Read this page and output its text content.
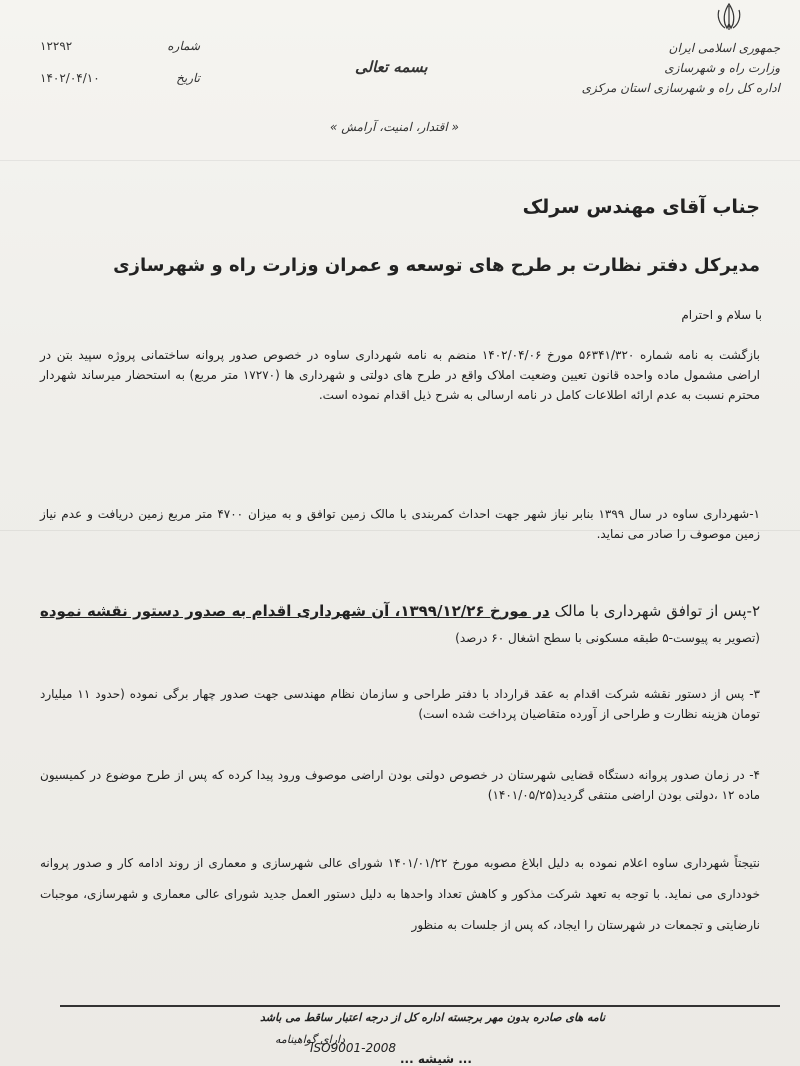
جمهوری اسلامی ایران
وزارت راه و شهرسازی
اداره کل راه و شهرسازی استان مرکزی
بسمه تعالی
« اقتدار، امنیت، آرامش »
شماره
۱۲۲۹۲
تاریخ
۱۴۰۲/۰۴/۱۰
جناب آقای مهندس سرلک
مدیرکل دفتر نظارت بر طرح های توسعه و عمران وزارت راه و شهرسازی
با سلام و احترام
بازگشت به نامه شماره ۵۶۳۴۱/۳۲۰ مورخ ۱۴۰۲/۰۴/۰۶ منضم به نامه شهرداری ساوه در خصوص صدور پروانه ساختمانی پروژه سپید بتن در اراضی مشمول ماده واحده قانون تعیین وضعیت املاک واقع در طرح های دولتی و شهرداری ها (۱۷۲۷۰ متر مربع) به استحضار میرساند شهردار محترم نسبت به عدم ارائه اطلاعات کامل در نامه ارسالی به شرح ذیل اقدام نموده است.
۱-شهرداری ساوه در سال ۱۳۹۹ بنابر نیاز شهر جهت احداث کمربندی با مالک زمین توافق و به میزان ۴۷۰۰ متر مربع زمین دریافت و عدم نیاز زمین موصوف را صادر می نماید.
۲-پس از توافق شهرداری با مالک در مورخ ۱۳۹۹/۱۲/۲۶، آن شهرداری اقدام به صدور دستور نقشه نموده (تصویر به پیوست-۵ طبقه مسکونی با سطح اشغال ۶۰ درصد)
۳- پس از دستور نقشه شرکت اقدام به عقد قرارداد با دفتر طراحی و سازمان نظام مهندسی جهت صدور چهار برگی نموده (حدود ۱۱ میلیارد تومان هزینه نظارت و طراحی از آورده متقاضیان پرداخت شده است)
۴- در زمان صدور پروانه دستگاه قضایی شهرستان در خصوص دولتی بودن اراضی موصوف ورود پیدا کرده که پس از طرح موضوع در کمیسیون ماده ۱۲ ،دولتی بودن اراضی منتفی گردید(۱۴۰۱/۰۵/۲۵)
نتیجتاً شهرداری ساوه اعلام نموده به دلیل ابلاغ مصوبه مورخ ۱۴۰۱/۰۱/۲۲ شورای عالی شهرسازی و معماری از روند ادامه کار و صدور پروانه خودداری می نماید. با توجه به تعهد شرکت مذکور و کاهش تعداد واحدها به دلیل دستور العمل جدید شورای عالی معماری و شهرسازی، موجبات نارضایتی و تجمعات در شهرستان را ایجاد، که پس از جلسات به منظور
نامه های صادره بدون مهر برجسته اداره کل از درجه اعتبار ساقط می باشد
دارای گواهینامه
ISO9001-2008
... شیشه ...
